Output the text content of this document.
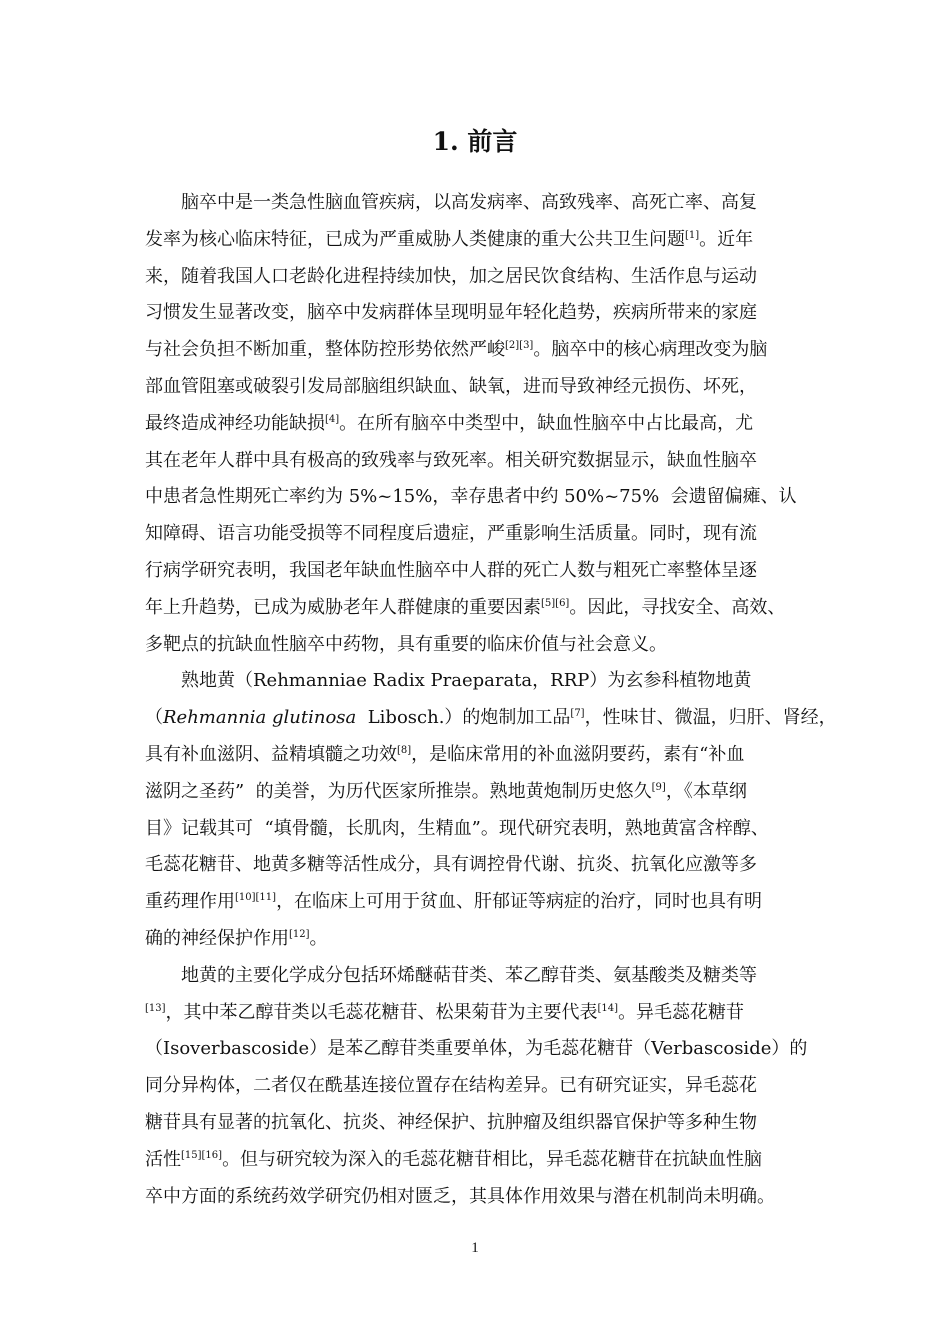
1. 前言
　　脑卒中是一类急性脑血管疾病，以高发病率、高致残率、高死亡率、高复
发率为核心临床特征，已成为严重威胁人类健康的重大公共卫生问题[1]。近年
来，随着我国人口老龄化进程持续加快，加之居民饮食结构、生活作息与运动
习惯发生显著改变，脑卒中发病群体呈现明显年轻化趋势，疾病所带来的家庭
与社会负担不断加重，整体防控形势依然严峻[2][3]。脑卒中的核心病理改变为脑
部血管阻塞或破裂引发局部脑组织缺血、缺氧，进而导致神经元损伤、坏死，
最终造成神经功能缺损[4]。在所有脑卒中类型中，缺血性脑卒中占比最高，尤
其在老年人群中具有极高的致残率与致死率。相关研究数据显示，缺血性脑卒
中患者急性期死亡率约为 5%~15%，幸存患者中约 50%~75%  会遗留偏瘫、认
知障碍、语言功能受损等不同程度后遗症，严重影响生活质量。同时，现有流
行病学研究表明，我国老年缺血性脑卒中人群的死亡人数与粗死亡率整体呈逐
年上升趋势，已成为威胁老年人群健康的重要因素[5][6]。因此，寻找安全、高效、
多靶点的抗缺血性脑卒中药物，具有重要的临床价值与社会意义。
　　熟地黄（Rehmanniae Radix Praeparata，RRP）为玄参科植物地黄
（Rehmannia glutinosa  Libosch.）的炮制加工品[7]，性味甘、微温，归肝、肾经，
具有补血滋阴、益精填髓之功效[8]，是临床常用的补血滋阴要药，素有“补血
滋阴之圣药”  的美誉，为历代医家所推崇。熟地黄炮制历史悠久[9]，《本草纲
目》记载其可  “填骨髓，长肌肉，生精血”。现代研究表明，熟地黄富含梓醇、
毛蕊花糖苷、地黄多糖等活性成分，具有调控骨代谢、抗炎、抗氧化应激等多
重药理作用[10][11]，在临床上可用于贫血、肝郁证等病症的治疗，同时也具有明
确的神经保护作用[12]。
　　地黄的主要化学成分包括环烯醚萜苷类、苯乙醇苷类、氨基酸类及糖类等
[13]，其中苯乙醇苷类以毛蕊花糖苷、松果菊苷为主要代表[14]。异毛蕊花糖苷
（Isoverbascoside）是苯乙醇苷类重要单体，为毛蕊花糖苷（Verbascoside）的
同分异构体，二者仅在酰基连接位置存在结构差异。已有研究证实，异毛蕊花
糖苷具有显著的抗氧化、抗炎、神经保护、抗肿瘤及组织器官保护等多种生物
活性[15][16]。但与研究较为深入的毛蕊花糖苷相比，异毛蕊花糖苷在抗缺血性脑
卒中方面的系统药效学研究仍相对匮乏，其具体作用效果与潜在机制尚未明确。
1
